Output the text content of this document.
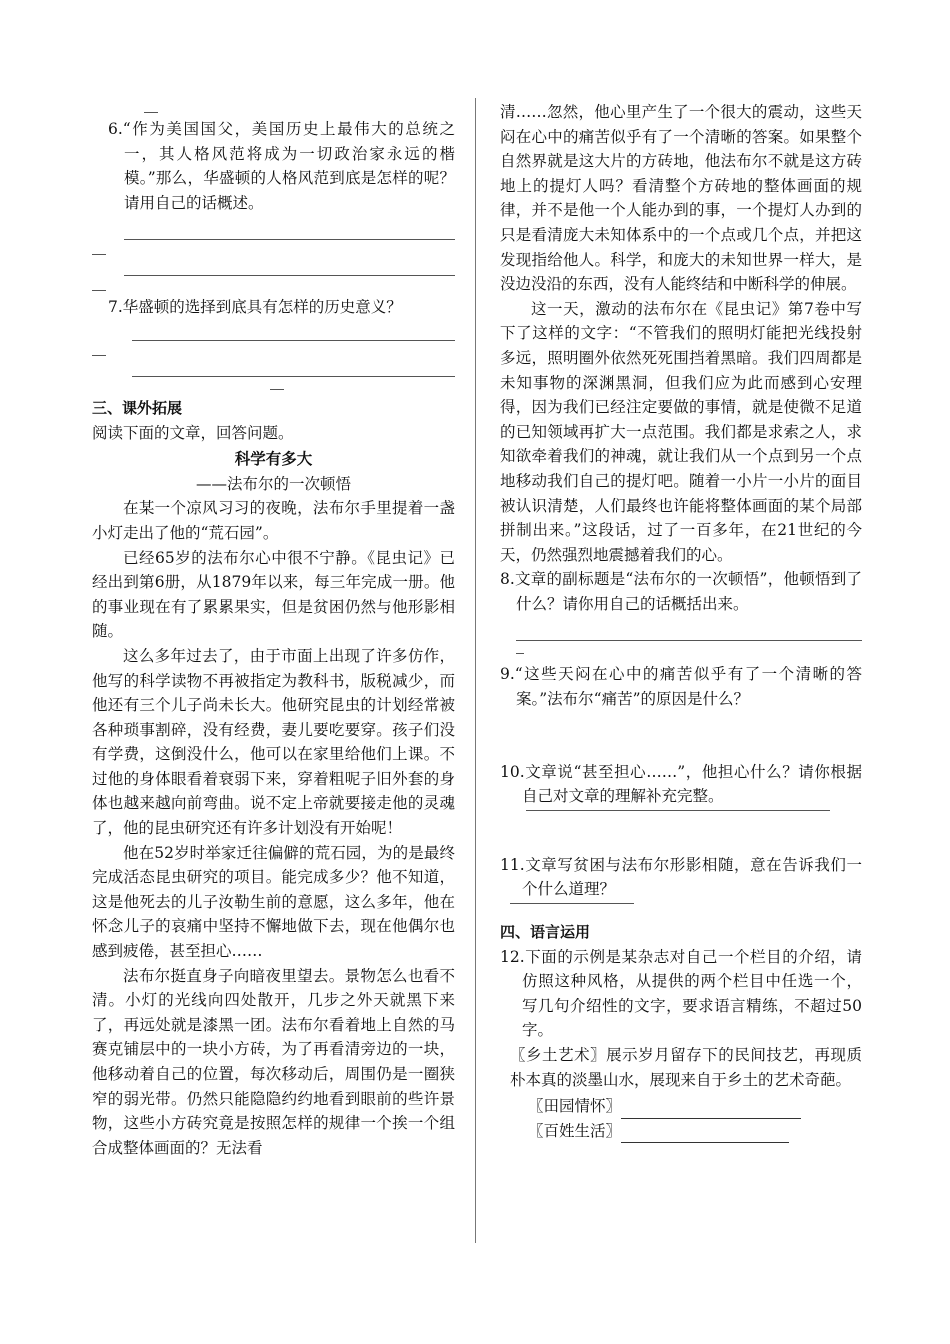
6.“作为美国国父，美国历史上最伟大的总统之一，其人格风范将成为一切政治家永远的楷模。”那么，华盛顿的人格风范到底是怎样的呢？请用自己的话概述。

7.华盛顿的选择到底具有怎样的历史意义？

三、课外拓展

阅读下面的文章，回答问题。

科学有多大

——法布尔的一次顿悟

在某一个凉风习习的夜晚，法布尔手里提着一盏小灯走出了他的“荒石园”。

已经65岁的法布尔心中很不宁静。《昆虫记》已经出到第6册，从1879年以来，每三年完成一册。他的事业现在有了累累果实，但是贫困仍然与他形影相随。

这么多年过去了，由于市面上出现了许多仿作，他写的科学读物不再被指定为教科书，版税减少，而他还有三个儿子尚未长大。他研究昆虫的计划经常被各种琐事割碎，没有经费，妻儿要吃要穿。孩子们没有学费，这倒没什么，他可以在家里给他们上课。不过他的身体眼看着衰弱下来，穿着粗呢子旧外套的身体也越来越向前弯曲。说不定上帝就要接走他的灵魂了，他的昆虫研究还有许多计划没有开始呢！

他在52岁时举家迁往偏僻的荒石园，为的是最终完成活态昆虫研究的项目。能完成多少？他不知道，这是他死去的儿子汝勒生前的意愿，这么多年，他在怀念儿子的哀痛中坚持不懈地做下去，现在他偶尔也感到疲倦，甚至担心……

法布尔挺直身子向暗夜里望去。景物怎么也看不清。小灯的光线向四处散开，几步之外天就黑下来了，再远处就是漆黑一团。法布尔看着地上自然的马赛克铺层中的一块小方砖，为了再看清旁边的一块，他移动着自己的位置，每次移动后，周围仍是一圈狭窄的弱光带。仍然只能隐隐约约地看到眼前的些许景物，这些小方砖究竟是按照怎样的规律一个挨一个组合成整体画面的？无法看

清……忽然，他心里产生了一个很大的震动，这些天闷在心中的痛苦似乎有了一个清晰的答案。如果整个自然界就是这大片的方砖地，他法布尔不就是这方砖地上的提灯人吗？看清整个方砖地的整体画面的规律，并不是他一个人能办到的事，一个提灯人办到的只是看清庞大未知体系中的一个点或几个点，并把这发现指给他人。科学，和庞大的未知世界一样大，是没边没沿的东西，没有人能终结和中断科学的伸展。

这一天，激动的法布尔在《昆虫记》第7卷中写下了这样的文字：“不管我们的照明灯能把光线投射多远，照明圈外依然死死围挡着黑暗。我们四周都是未知事物的深渊黑洞，但我们应为此而感到心安理得，因为我们已经注定要做的事情，就是使微不足道的已知领域再扩大一点范围。我们都是求索之人，求知欲牵着我们的神魂，就让我们从一个点到另一个点地移动我们自己的提灯吧。随着一小片一小片的面目被认识清楚，人们最终也许能将整体画面的某个局部拼制出来。”这段话，过了一百多年，在21世纪的今天，仍然强烈地震撼着我们的心。

8.文章的副标题是“法布尔的一次顿悟”，他顿悟到了什么？请你用自己的话概括出来。

9.“这些天闷在心中的痛苦似乎有了一个清晰的答案。”法布尔“痛苦”的原因是什么？

10.文章说“甚至担心……”，他担心什么？请你根据自己对文章的理解补充完整。

11.文章写贫困与法布尔形影相随，意在告诉我们一个什么道理？

四、语言运用

12.下面的示例是某杂志对自己一个栏目的介绍，请仿照这种风格，从提供的两个栏目中任选一个，写几句介绍性的文字，要求语言精练，不超过50字。

〖乡土艺术〗展示岁月留存下的民间技艺，再现质朴本真的淡墨山水，展现来自于乡土的艺术奇葩。

〖田园情怀〗
〖百姓生活〗
